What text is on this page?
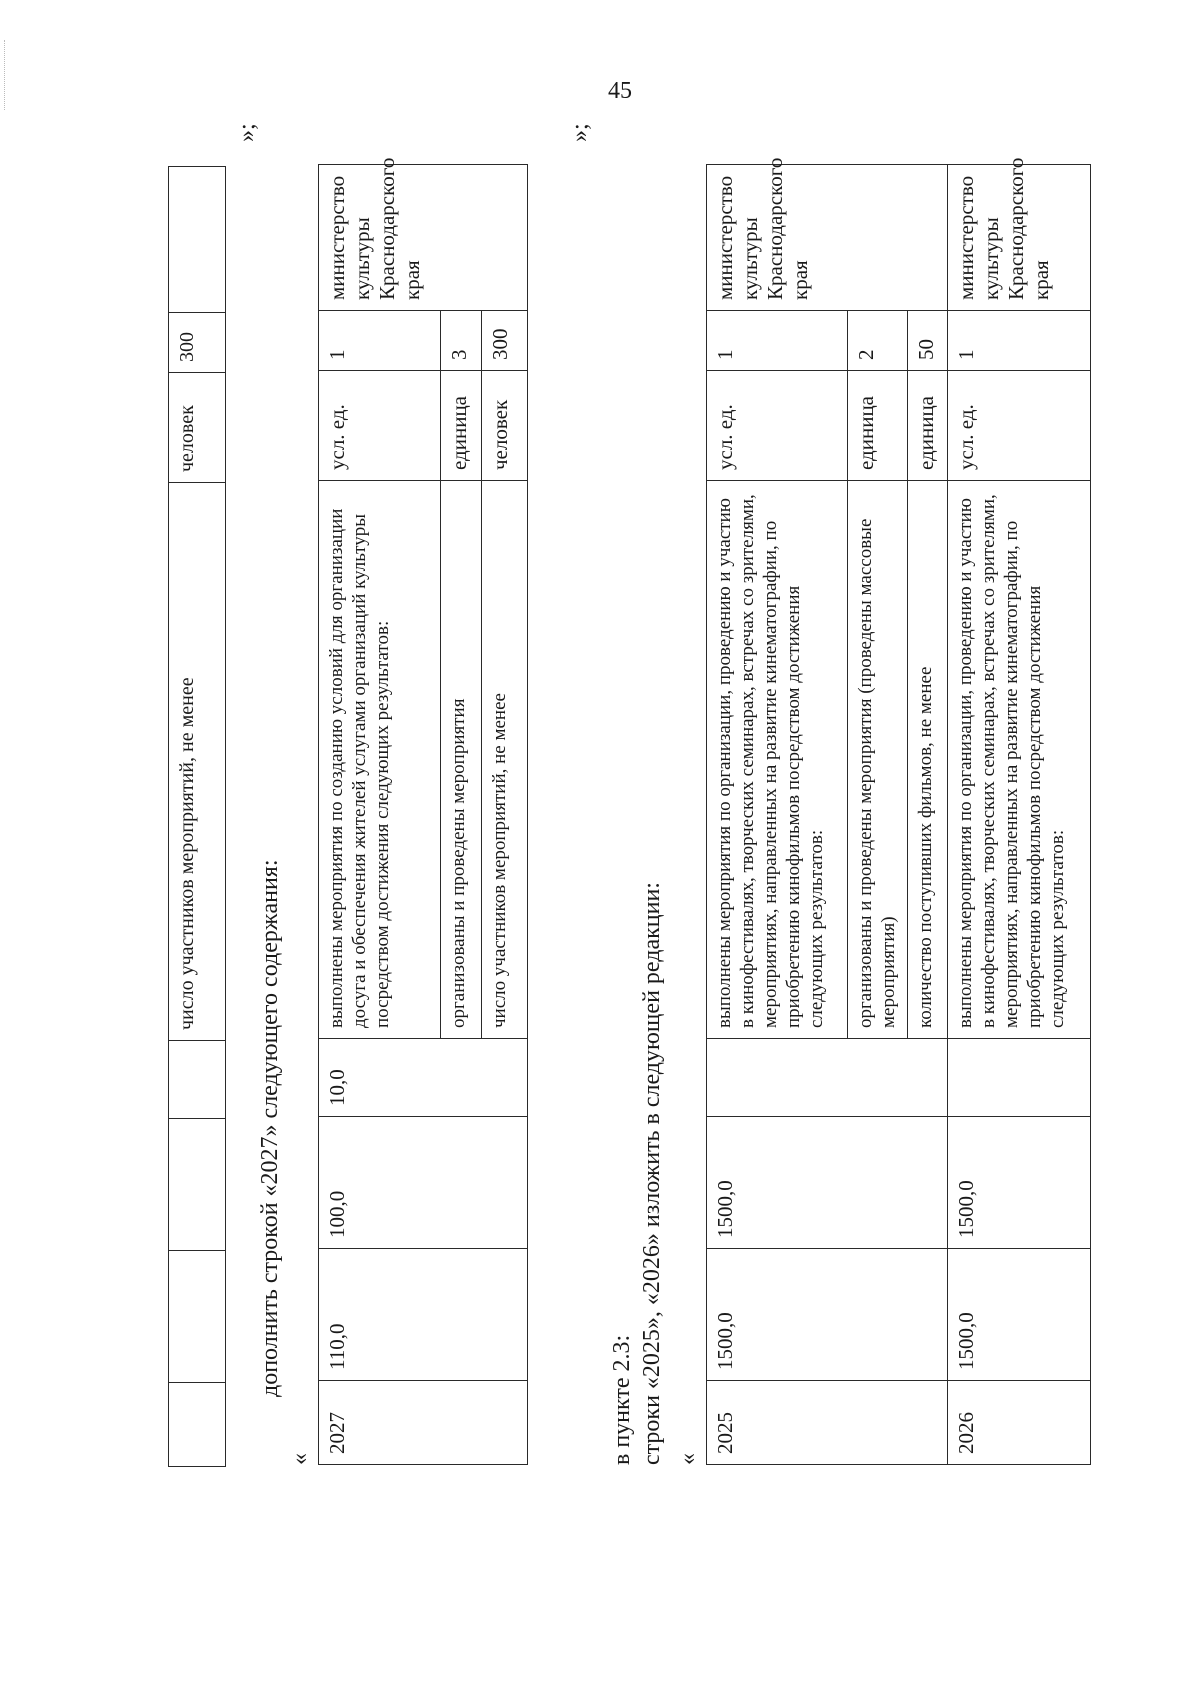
45
				число участников мероприятий, не менее	человек	300	
»;
дополнить строкой «2027» следующего содержания:
«
2027	110,0	100,0	10,0	выполнены мероприятия по созданию условий для организации досуга и обеспечения жителей услугами организаций культуры посредством достижения следующих результатов:	усл. ед.	1	министерство культуры Краснодарского края
				организованы и проведены мероприятия	единица	3	
				число участников мероприятий, не менее	человек	300	
»;
в пункте 2.3: строки «2025», «2026» изложить в следующей редакции: «
2025	1500,0	1500,0		выполнены мероприятия по организации, проведению и участию в кинофестивалях, творческих семинарах, встречах со зрителями, мероприятиях, направленных на развитие кинематографии, по приобретению кинофильмов посредством достижения следующих результатов:	усл. ед.	1	министерство культуры Краснодарского края
				организованы и проведены мероприятия (проведены массовые мероприятия)	единица	2	
				количество поступивших фильмов, не менее	единица	50	
2026	1500,0	1500,0		выполнены мероприятия по организации, проведению и участию в кинофестивалях, творческих семинарах, встречах со зрителями, мероприятиях, направленных на развитие кинематографии, по приобретению кинофильмов посредством достижения следующих результатов:	усл. ед.	1	министерство культуры Краснодарского края
